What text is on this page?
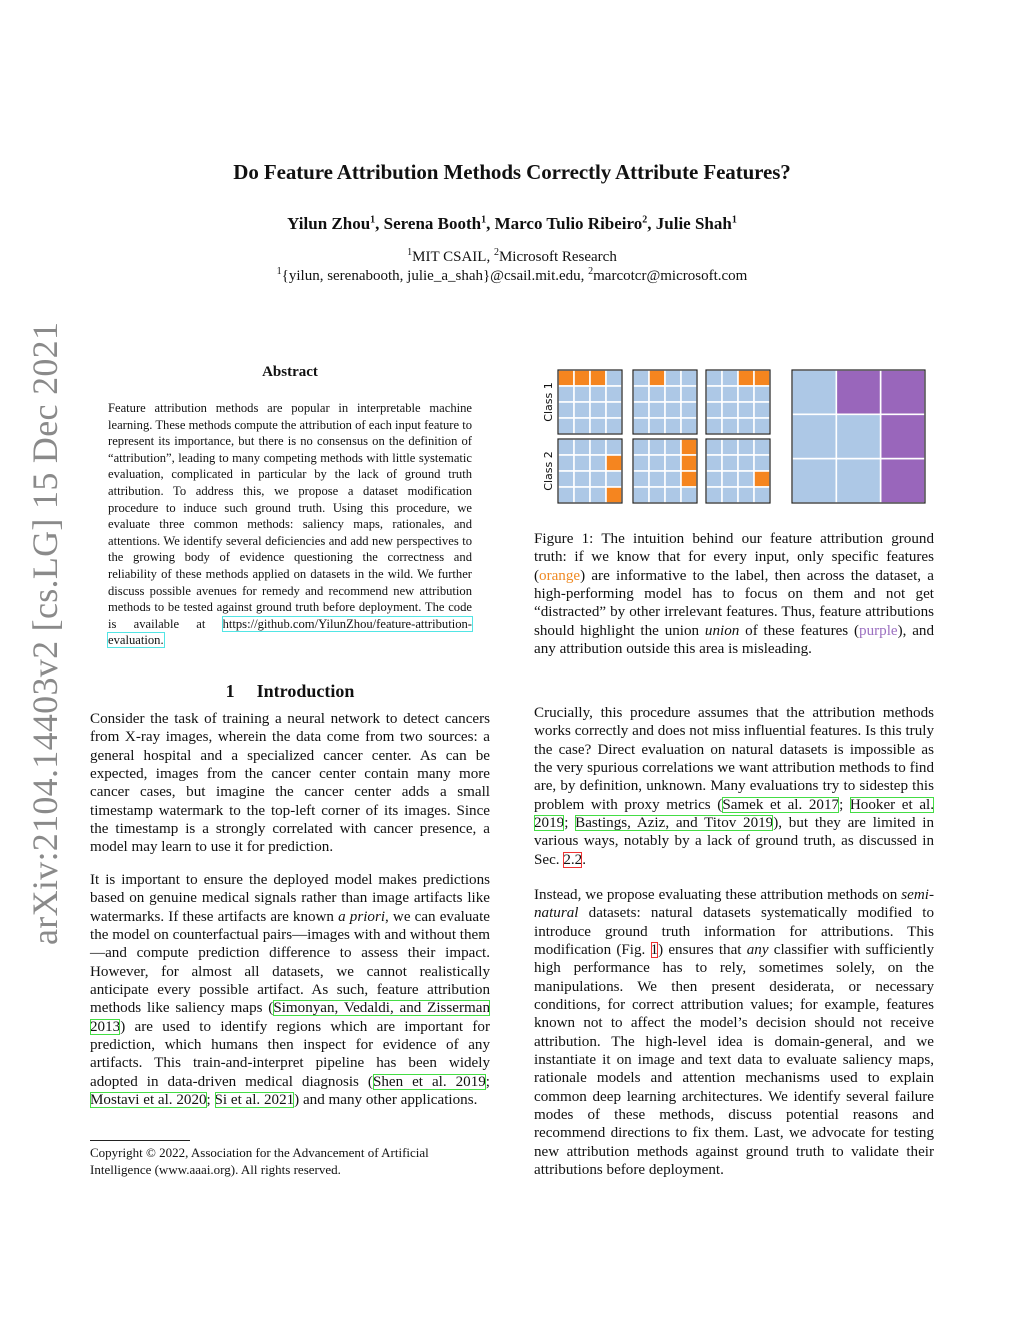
arXiv:2104.14403v2 [cs.LG] 15 Dec 2021
Do Feature Attribution Methods Correctly Attribute Features?
Yilun Zhou$^1$, Serena Booth$^1$, Marco Tulio Ribeiro$^2$, Julie Shah$^1$
$^1$MIT CSAIL, $^2$Microsoft Research
$^1${yilun, serenabooth, julie_a_shah}@csail.mit.edu, $^2$marcotcr@microsoft.com
Abstract
Feature attribution methods are popular in interpretable machine learning. These methods compute the attribution of each input feature to represent its importance, but there is no consensus on the definition of “attribution”, leading to many competing methods with little systematic evaluation, complicated in particular by the lack of ground truth attribution. To address this, we propose a dataset modification procedure to induce such ground truth. Using this procedure, we evaluate three common methods: saliency maps, rationales, and attentions. We identify several deficiencies and add new perspectives to the growing body of evidence questioning the correctness and reliability of these methods applied on datasets in the wild. We further discuss possible avenues for remedy and recommend new attribution methods to be tested against ground truth before deployment. The code is available at https://github.com/YilunZhou/feature-attribution-evaluation.
1 Introduction

Consider the task of training a neural network to detect cancers from X-ray images, wherein the data come from two sources: a general hospital and a specialized cancer center. As can be expected, images from the cancer center contain many more cancer cases, but imagine the cancer center adds a small timestamp watermark to the top-left corner of its images. Since the timestamp is a strongly correlated with cancer presence, a model may learn to use it for prediction.

It is important to ensure the deployed model makes predictions based on genuine medical signals rather than image artifacts like watermarks. If these artifacts are known a priori, we can evaluate the model on counterfactual pairs—images with and without them—and compute prediction difference to assess their impact. However, for almost all datasets, we cannot realistically anticipate every possible artifact. As such, feature attribution methods like saliency maps (Simonyan, Vedaldi, and Zisserman 2013) are used to identify regions which are important for prediction, which humans then inspect for evidence of any artifacts. This train-and-interpret pipeline has been widely adopted in data-driven medical diagnosis (Shen et al. 2019; Mostavi et al. 2020; Si et al. 2021) and many other applications.

Copyright © 2022, Association for the Advancement of Artificial Intelligence (www.aaai.org). All rights reserved.
Class 1
Class 2

Figure 1: The intuition behind our feature attribution ground truth: if we know that for every input, only specific features (orange) are informative to the label, then across the dataset, a high-performing model has to focus on them and not get “distracted” by other irrelevant features. Thus, feature attributions should highlight the union union of these features (purple), and any attribution outside this area is misleading.

Crucially, this procedure assumes that the attribution methods works correctly and does not miss influential features. Is this truly the case? Direct evaluation on natural datasets is impossible as the very spurious correlations we want attribution methods to find are, by definition, unknown. Many evaluations try to sidestep this problem with proxy metrics (Samek et al. 2017; Hooker et al. 2019; Bastings, Aziz, and Titov 2019), but they are limited in various ways, notably by a lack of ground truth, as discussed in Sec. 2.2.

Instead, we propose evaluating these attribution methods on semi-natural datasets: natural datasets systematically modified to introduce ground truth information for attributions. This modification (Fig. 1) ensures that any classifier with sufficiently high performance has to rely, sometimes solely, on the manipulations. We then present desiderata, or necessary conditions, for correct attribution values; for example, features known not to affect the model’s decision should not receive attribution. The high-level idea is domain-general, and we instantiate it on image and text data to evaluate saliency maps, rationale models and attention mechanisms used to explain common deep learning architectures. We identify several failure modes of these methods, discuss potential reasons and recommend directions to fix them. Last, we advocate for testing new attribution methods against ground truth to validate their attributions before deployment.
